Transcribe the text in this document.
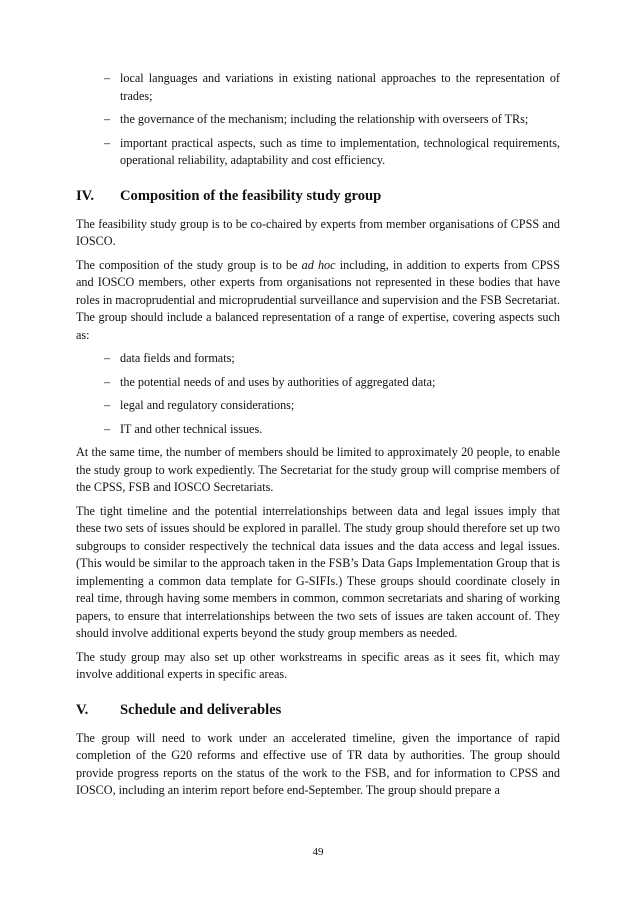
– local languages and variations in existing national approaches to the representation of trades;
– the governance of the mechanism; including the relationship with overseers of TRs;
– important practical aspects, such as time to implementation, technological requirements, operational reliability, adaptability and cost efficiency.
IV. Composition of the feasibility study group

The feasibility study group is to be co-chaired by experts from member organisations of CPSS and IOSCO.

The composition of the study group is to be ad hoc including, in addition to experts from CPSS and IOSCO members, other experts from organisations not represented in these bodies that have roles in macroprudential and microprudential surveillance and supervision and the FSB Secretariat. The group should include a balanced representation of a range of expertise, covering aspects such as:

– data fields and formats;
– the potential needs of and uses by authorities of aggregated data;
– legal and regulatory considerations;
– IT and other technical issues.

At the same time, the number of members should be limited to approximately 20 people, to enable the study group to work expediently. The Secretariat for the study group will comprise members of the CPSS, FSB and IOSCO Secretariats.

The tight timeline and the potential interrelationships between data and legal issues imply that these two sets of issues should be explored in parallel. The study group should therefore set up two subgroups to consider respectively the technical data issues and the data access and legal issues. (This would be similar to the approach taken in the FSB’s Data Gaps Implementation Group that is implementing a common data template for G-SIFIs.) These groups should coordinate closely in real time, through having some members in common, common secretariats and sharing of working papers, to ensure that interrelationships between the two sets of issues are taken account of. They should involve additional experts beyond the study group members as needed.

The study group may also set up other workstreams in specific areas as it sees fit, which may involve additional experts in specific areas.

V. Schedule and deliverables

The group will need to work under an accelerated timeline, given the importance of rapid completion of the G20 reforms and effective use of TR data by authorities. The group should provide progress reports on the status of the work to the FSB, and for information to CPSS and IOSCO, including an interim report before end-September. The group should prepare a

49
